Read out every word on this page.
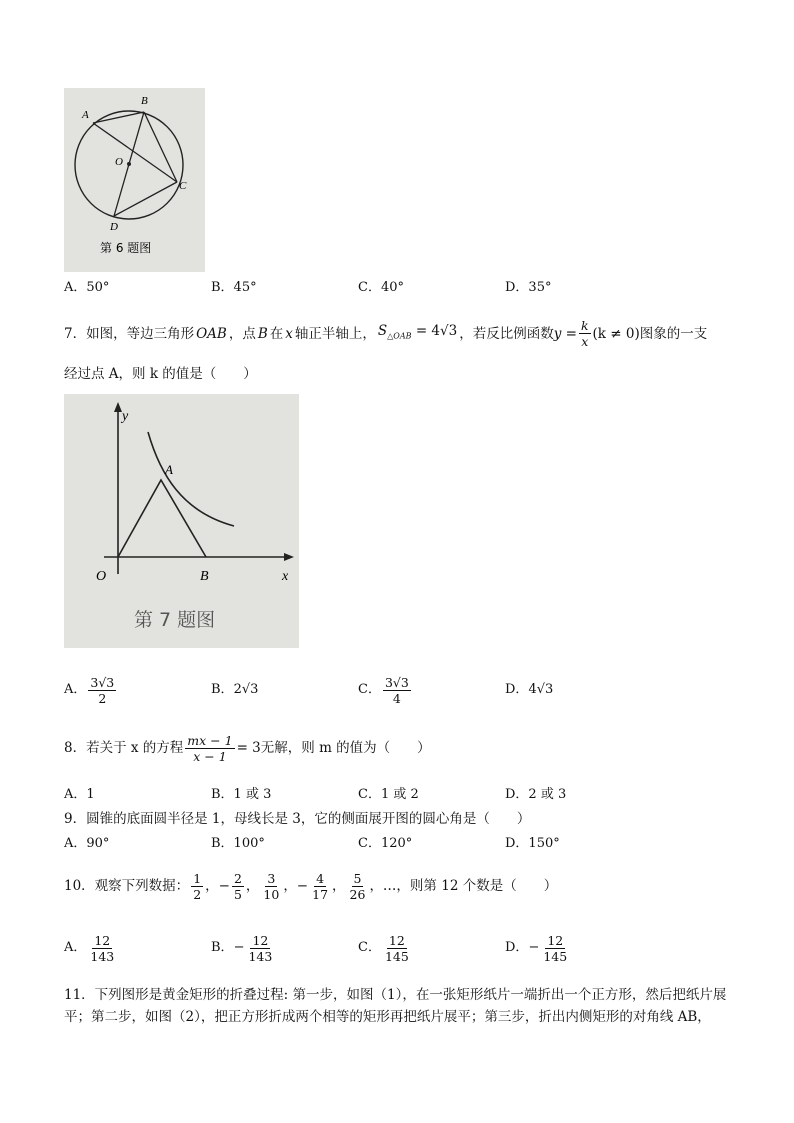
A
B
O
C
D
第 6 题图
A．50°	B．45°	C．40°	D．35°
7． 如图，等边三角形 OAB ，点 B 在 x 轴正半轴上， $S_{\triangle OAB} = 4√3$ ，若反比例函数 $y = \frac{k}{x} (k \ne 0)$ 图象的一支
经过点 A，则 k 的值是（　　）
y
A
O	B	x
第 7 题图
A． $\frac{3√3}{2}$	B． 2√3	C． $\frac{3√3}{4}$	D． 4√3
8．若关于 x 的方程 $\frac{mx - 1}{x - 1} = 3$ 无解，则 m 的值为（　　）
A．1	B．1 或 3	C．1 或 2	D．2 或 3
9．圆锥的底面圆半径是 1，母线长是 3，它的侧面展开图的圆心角是（　　）
A．90°	B．100°	C．120°	D．150°
10．观察下列数据： $\frac{1}{2}$ ，− $\frac{2}{5}$ ， $\frac{3}{10}$ ，− $\frac{4}{17}$ ， $\frac{5}{26}$ ，…，则第 12 个数是（　　）
A． $\frac{12}{143}$	B． − $\frac{12}{143}$	C． $\frac{12}{145}$	D． − $\frac{12}{145}$
11．下列图形是黄金矩形的折叠过程: 第一步，如图（1），在一张矩形纸片一端折出一个正方形，然后把纸片展平；第二步，如图（2），把正方形折成两个相等的矩形再把纸片展平；第三步，折出内侧矩形的对角线 AB，
